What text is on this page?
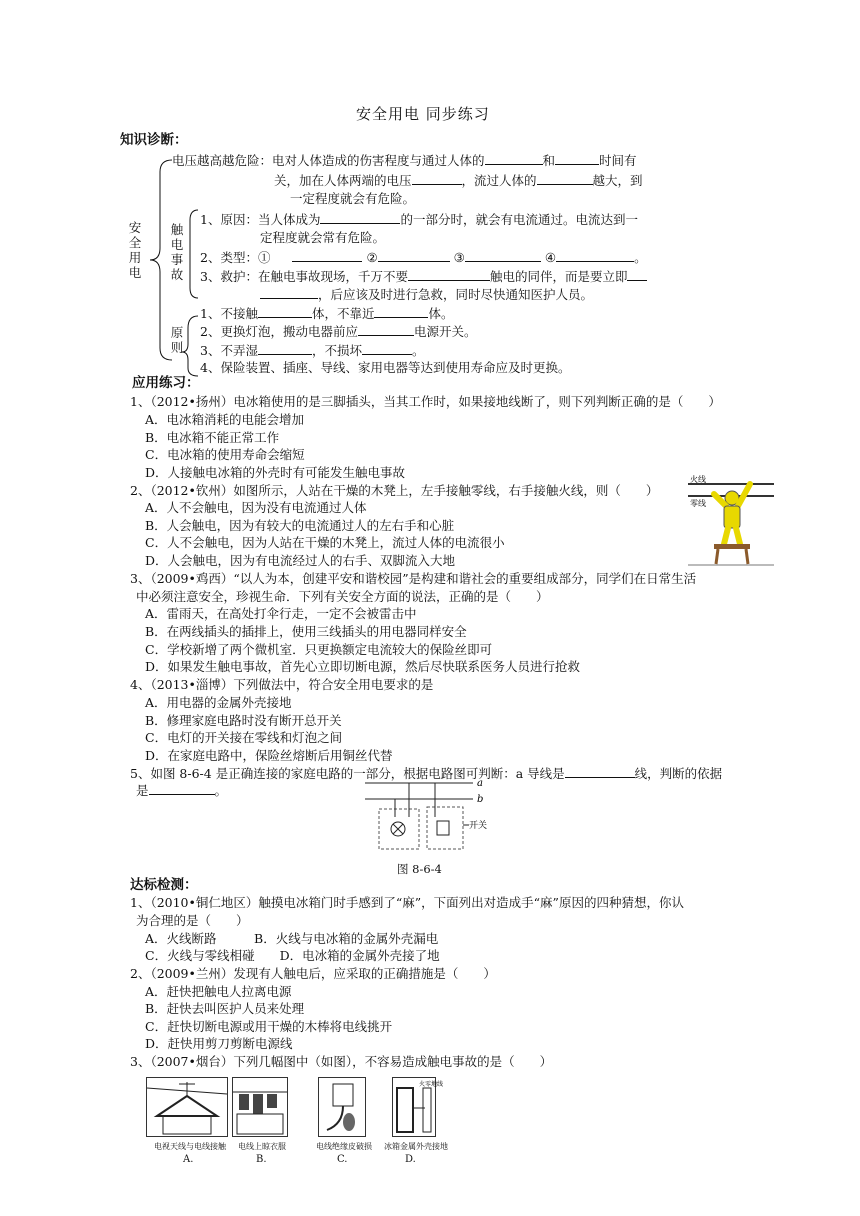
安全用电 同步练习
知识诊断：
安全用电
触电事故
原则
电压越高越危险：电对人体造成的伤害程度与通过人体的	和	时间有
关，加在人体两端的电压	，流过人体的	越大，到
一定程度就会有危险。
1、原因：当人体成为	的一部分时，就会有电流通过。电流达到一
定程度就会常有危险。
2、类型：①	②	③	④	。
3、救护：在触电事故现场，千万不要	触电的同伴，而是要立即
，后应该及时进行急救，同时尽快通知医护人员。
1、不接触	体，不靠近	体。
2、更换灯泡，搬动电器前应	电源开关。
3、不弄湿	，不损坏	。
4、保险装置、插座、导线、家用电器等达到使用寿命应及时更换。
应用练习：
1、（2012•扬州）电冰箱使用的是三脚插头，当其工作时，如果接地线断了，则下列判断正确的是（　　）
A．电冰箱消耗的电能会增加
B．电冰箱不能正常工作
C．电冰箱的使用寿命会缩短
D．人接触电冰箱的外壳时有可能发生触电事故
2、（2012•钦州）如图所示，人站在干燥的木凳上，左手接触零线，右手接触火线，则（　　）
A．人不会触电，因为没有电流通过人体
B．人会触电，因为有较大的电流通过人的左右手和心脏
C．人不会触电，因为人站在干燥的木凳上，流过人体的电流很小
D．人会触电，因为有电流经过人的右手、双脚流入大地
火线
零线
3、（2009•鸡西）“以人为本，创建平安和谐校园”是构建和谐社会的重要组成部分，同学们在日常生活
中必须注意安全，珍视生命．下列有关安全方面的说法，正确的是（　　）
A．雷雨天，在高处打伞行走，一定不会被雷击中
B．在两线插头的插排上，使用三线插头的用电器同样安全
C．学校新增了两个微机室．只更换额定电流较大的保险丝即可
D．如果发生触电事故，首先心立即切断电源，然后尽快联系医务人员进行抢救
4、（2013•淄博）下列做法中，符合安全用电要求的是
A．用电器的金属外壳接地
B．修理家庭电路时没有断开总开关
C．电灯的开关接在零线和灯泡之间
D．在家庭电路中，保险丝熔断后用铜丝代替
5、如图 8-6-4 是正确连接的家庭电路的一部分，根据电路图可判断：a 导线是	线，判断的依据
是	。	a
b
开关
图 8-6-4
达标检测：
1、（2010•铜仁地区）触摸电冰箱门时手感到了“麻”，下面列出对造成手“麻”原因的四种猜想，你认
为合理的是（　　）
A．火线断路　　　B．火线与电冰箱的金属外壳漏电
C．火线与零线相碰　　D．电冰箱的金属外壳接了地
2、（2009•兰州）发现有人触电后，应采取的正确措施是（　　）
A．赶快把触电人拉离电源
B．赶快去叫医护人员来处理
C．赶快切断电源或用干燥的木棒将电线挑开
D．赶快用剪刀剪断电源线
3、（2007•烟台）下列几幅图中（如图），不容易造成触电事故的是（　　）
火零地线
电视天线与电线接触 电线上晾衣服	电线绝缘皮破损 冰箱金属外壳接地
A.	B.	C.	D.
